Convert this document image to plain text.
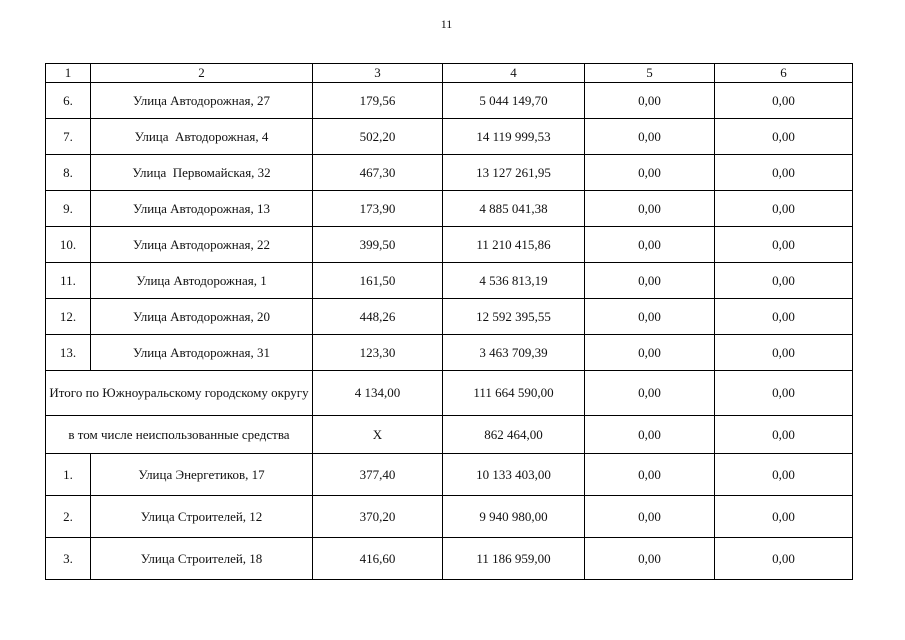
11
1	2	3	4	5	6
6.	Улица Автодорожная, 27	179,56	5 044 149,70	0,00	0,00
7.	Улица  Автодорожная, 4	502,20	14 119 999,53	0,00	0,00
8.	Улица  Первомайская, 32	467,30	13 127 261,95	0,00	0,00
9.	Улица Автодорожная, 13	173,90	4 885 041,38	0,00	0,00
10.	Улица Автодорожная, 22	399,50	11 210 415,86	0,00	0,00
11.	Улица Автодорожная, 1	161,50	4 536 813,19	0,00	0,00
12.	Улица Автодорожная, 20	448,26	12 592 395,55	0,00	0,00
13.	Улица Автодорожная, 31	123,30	3 463 709,39	0,00	0,00
Итого по Южноуральскому городскому округу		4 134,00	111 664 590,00	0,00	0,00
в том числе неиспользованные средства		Х	862 464,00	0,00	0,00
1.	Улица Энергетиков, 17	377,40	10 133 403,00	0,00	0,00
2.	Улица Строителей, 12	370,20	9 940 980,00	0,00	0,00
3.	Улица Строителей, 18	416,60	11 186 959,00	0,00	0,00
